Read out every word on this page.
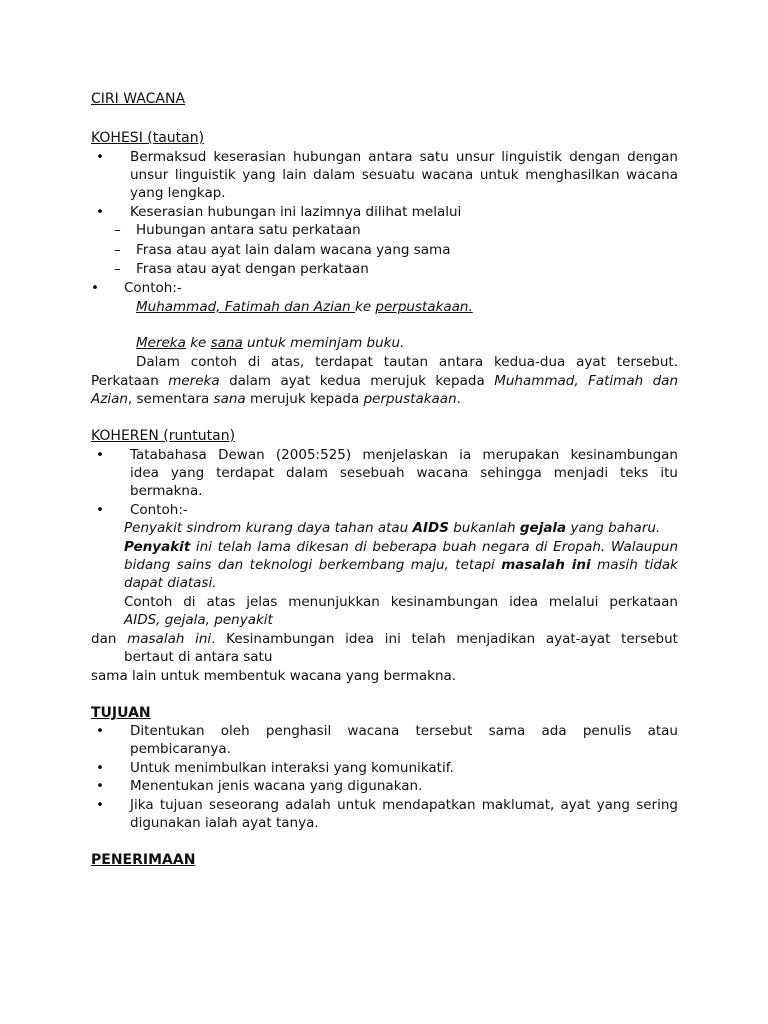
CIRI WACANA
KOHESI (tautan)
• Bermaksud keserasian hubungan antara satu unsur linguistik dengan dengan
unsur linguistik yang lain dalam sesuatu wacana untuk menghasilkan wacana
yang lengkap.
• Keserasian hubungan ini lazimnya dilihat melalui
– Hubungan antara satu perkataan
– Frasa atau ayat lain dalam wacana yang sama
– Frasa atau ayat dengan perkataan
• Contoh:-
Muhammad, Fatimah dan Azian ke perpustakaan.
Mereka ke sana untuk meminjam buku.
Dalam contoh di atas, terdapat tautan antara kedua-dua ayat tersebut.
Perkataan mereka dalam ayat kedua merujuk kepada Muhammad, Fatimah dan
Azian, sementara sana merujuk kepada perpustakaan.
KOHEREN (runtutan)
• Tatabahasa Dewan (2005:525) menjelaskan ia merupakan kesinambungan
idea yang terdapat dalam sesebuah wacana sehingga menjadi teks itu
bermakna.
• Contoh:-
Penyakit sindrom kurang daya tahan atau AIDS bukanlah gejala yang baharu.
Penyakit ini telah lama dikesan di beberapa buah negara di Eropah. Walaupun
bidang sains dan teknologi berkembang maju, tetapi masalah ini masih tidak
dapat diatasi.
Contoh di atas jelas menunjukkan kesinambungan idea melalui perkataan
AIDS, gejala, penyakit
dan masalah ini. Kesinambungan idea ini telah menjadikan ayat-ayat tersebut
bertaut di antara satu
sama lain untuk membentuk wacana yang bermakna.
TUJUAN
• Ditentukan oleh penghasil wacana tersebut sama ada penulis atau
pembicaranya.
• Untuk menimbulkan interaksi yang komunikatif.
• Menentukan jenis wacana yang digunakan.
• Jika tujuan seseorang adalah untuk mendapatkan maklumat, ayat yang sering
digunakan ialah ayat tanya.
PENERIMAAN
